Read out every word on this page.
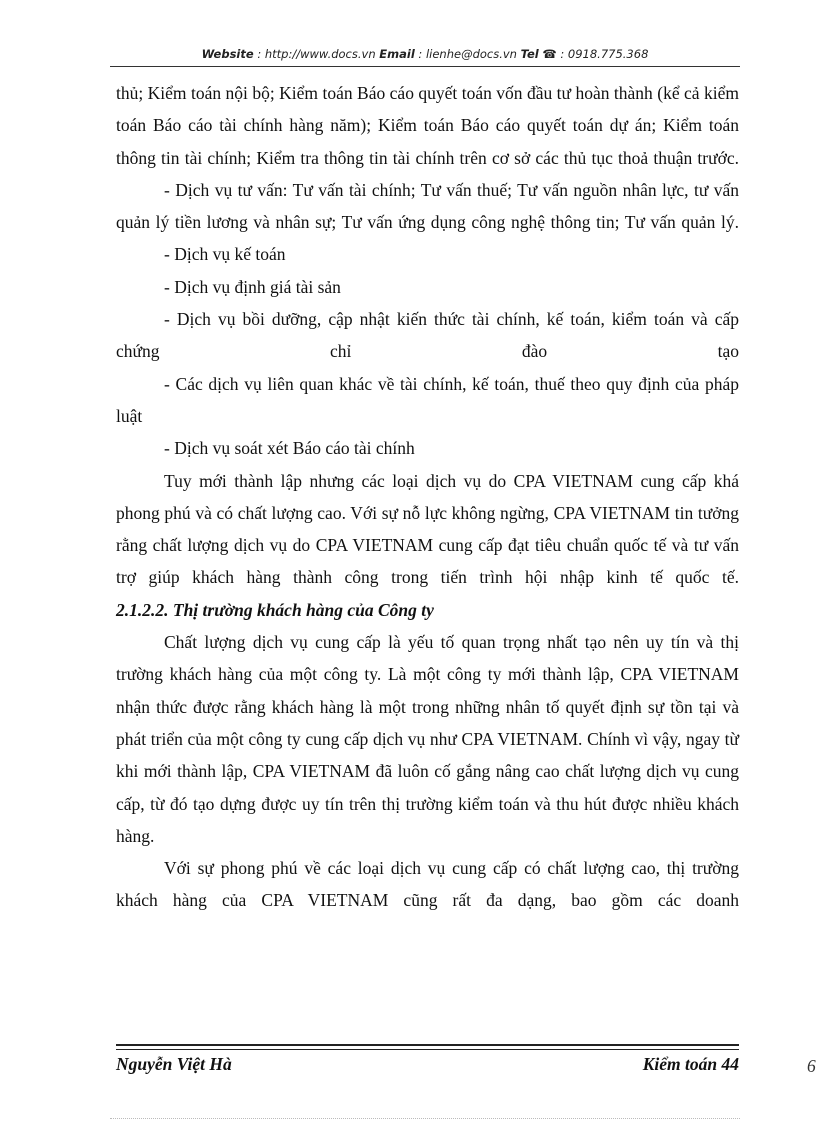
Website : http://www.docs.vn Email : lienhe@docs.vn Tel ☎ : 0918.775.368

thủ; Kiểm toán nội bộ; Kiểm toán Báo cáo quyết toán vốn đầu tư hoàn thành (kể cả kiểm toán Báo cáo tài chính hàng năm); Kiểm toán Báo cáo quyết toán dự án; Kiểm toán thông tin tài chính; Kiểm tra thông tin tài chính trên cơ sở các thủ tục thoả thuận trước.

- Dịch vụ tư vấn: Tư vấn tài chính; Tư vấn thuế; Tư vấn nguồn nhân lực, tư vấn quản lý tiền lương và nhân sự; Tư vấn ứng dụng công nghệ thông tin; Tư vấn quản lý.

- Dịch vụ kế toán

- Dịch vụ định giá tài sản

- Dịch vụ bồi dưỡng, cập nhật kiến thức tài chính, kế toán, kiểm toán và cấp chứng chỉ đào tạo

- Các dịch vụ liên quan khác về tài chính, kế toán, thuế theo quy định của pháp luật

- Dịch vụ soát xét Báo cáo tài chính

Tuy mới thành lập nhưng các loại dịch vụ do CPA VIETNAM cung cấp khá phong phú và có chất lượng cao. Với sự nỗ lực không ngừng, CPA VIETNAM tin tưởng rằng chất lượng dịch vụ do CPA VIETNAM cung cấp đạt tiêu chuẩn quốc tế và tư vấn trợ giúp khách hàng thành công trong tiến trình hội nhập kinh tế quốc tế.

2.1.2.2. Thị trường khách hàng của Công ty

Chất lượng dịch vụ cung cấp là yếu tố quan trọng nhất tạo nên uy tín và thị trường khách hàng của một công ty. Là một công ty mới thành lập, CPA VIETNAM nhận thức được rằng khách hàng là một trong những nhân tố quyết định sự tồn tại và phát triển của một công ty cung cấp dịch vụ như CPA VIETNAM. Chính vì vậy, ngay từ khi mới thành lập, CPA VIETNAM đã luôn cố gắng nâng cao chất lượng dịch vụ cung cấp, từ đó tạo dựng được uy tín trên thị trường kiểm toán và thu hút được nhiều khách hàng.

Với sự phong phú về các loại dịch vụ cung cấp có chất lượng cao, thị trường khách hàng của CPA VIETNAM cũng rất đa dạng, bao gồm các doanh

Nguyễn Việt Hà	Kiểm toán 44	6
